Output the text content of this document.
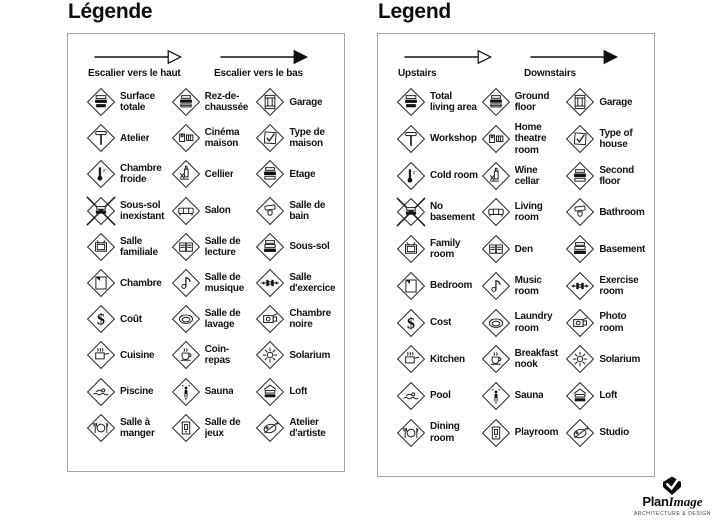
Légende	Legend
Escalier vers le haut	Escalier vers le bas
Surface totale
Rez-de-chaussée
Garage
Atelier
Cinéma maison
Type de maison
2° Chambre froide
Cellier	Étage
Sous-sol inexistant
Salon
Salle de bain
Salle familiale
Salle de lecture
Sous-sol
Chambre
Salle de musique
Salle d'exercice
$ Coût
Salle de lavage
Chambre noire
Cuisine
Coin-repas
Solarium
Piscine	Sauna	Loft
Salle à manger
Salle de jeux
Atelier d'artiste
Upstairs	Downstairs
Total living area
Ground floor
Garage
Workshop
Home theatre room
Type of house
2° Cold room
Wine cellar
Second floor
No basement
Living room
Bathroom
Family room
Den	Basement
Bedroom
Music room
Exercise room
$ Cost
Laundry room
Photo room
Kitchen
Breakfast nook
Solarium
Pool	Sauna	Loft
Dining room
Playroom	Studio
PlanImage
ARCHITECTURE & DESIGN
